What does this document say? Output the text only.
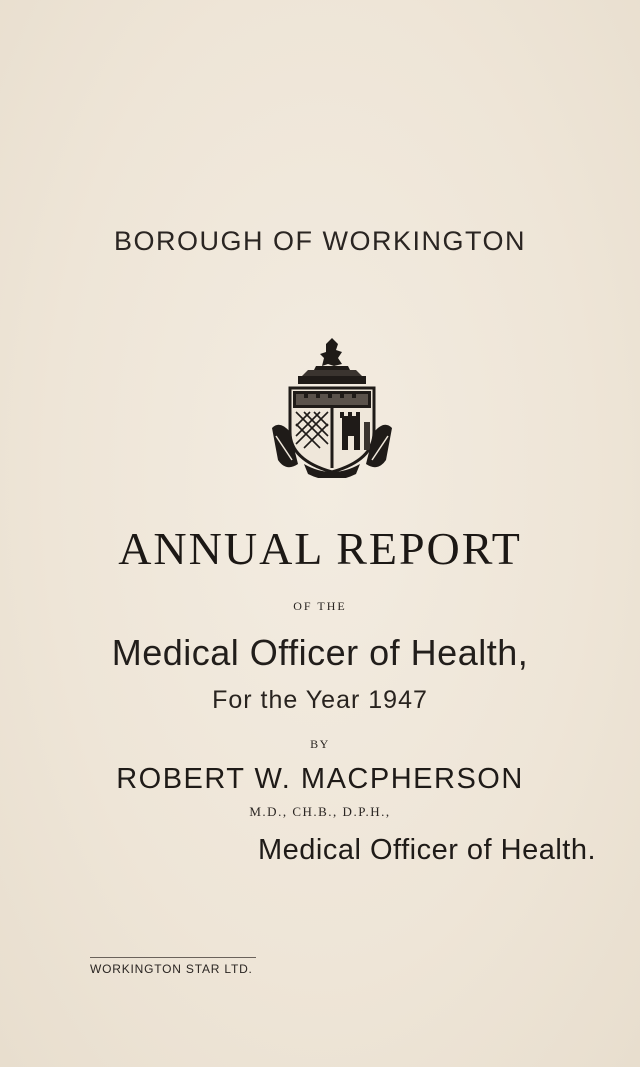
BOROUGH OF WORKINGTON
ANNUAL REPORT
OF THE
Medical Officer of Health,
For the Year 1947
BY
ROBERT W. MACPHERSON
M.D., CH.B., D.P.H.,
Medical Officer of Health.
WORKINGTON STAR LTD.
